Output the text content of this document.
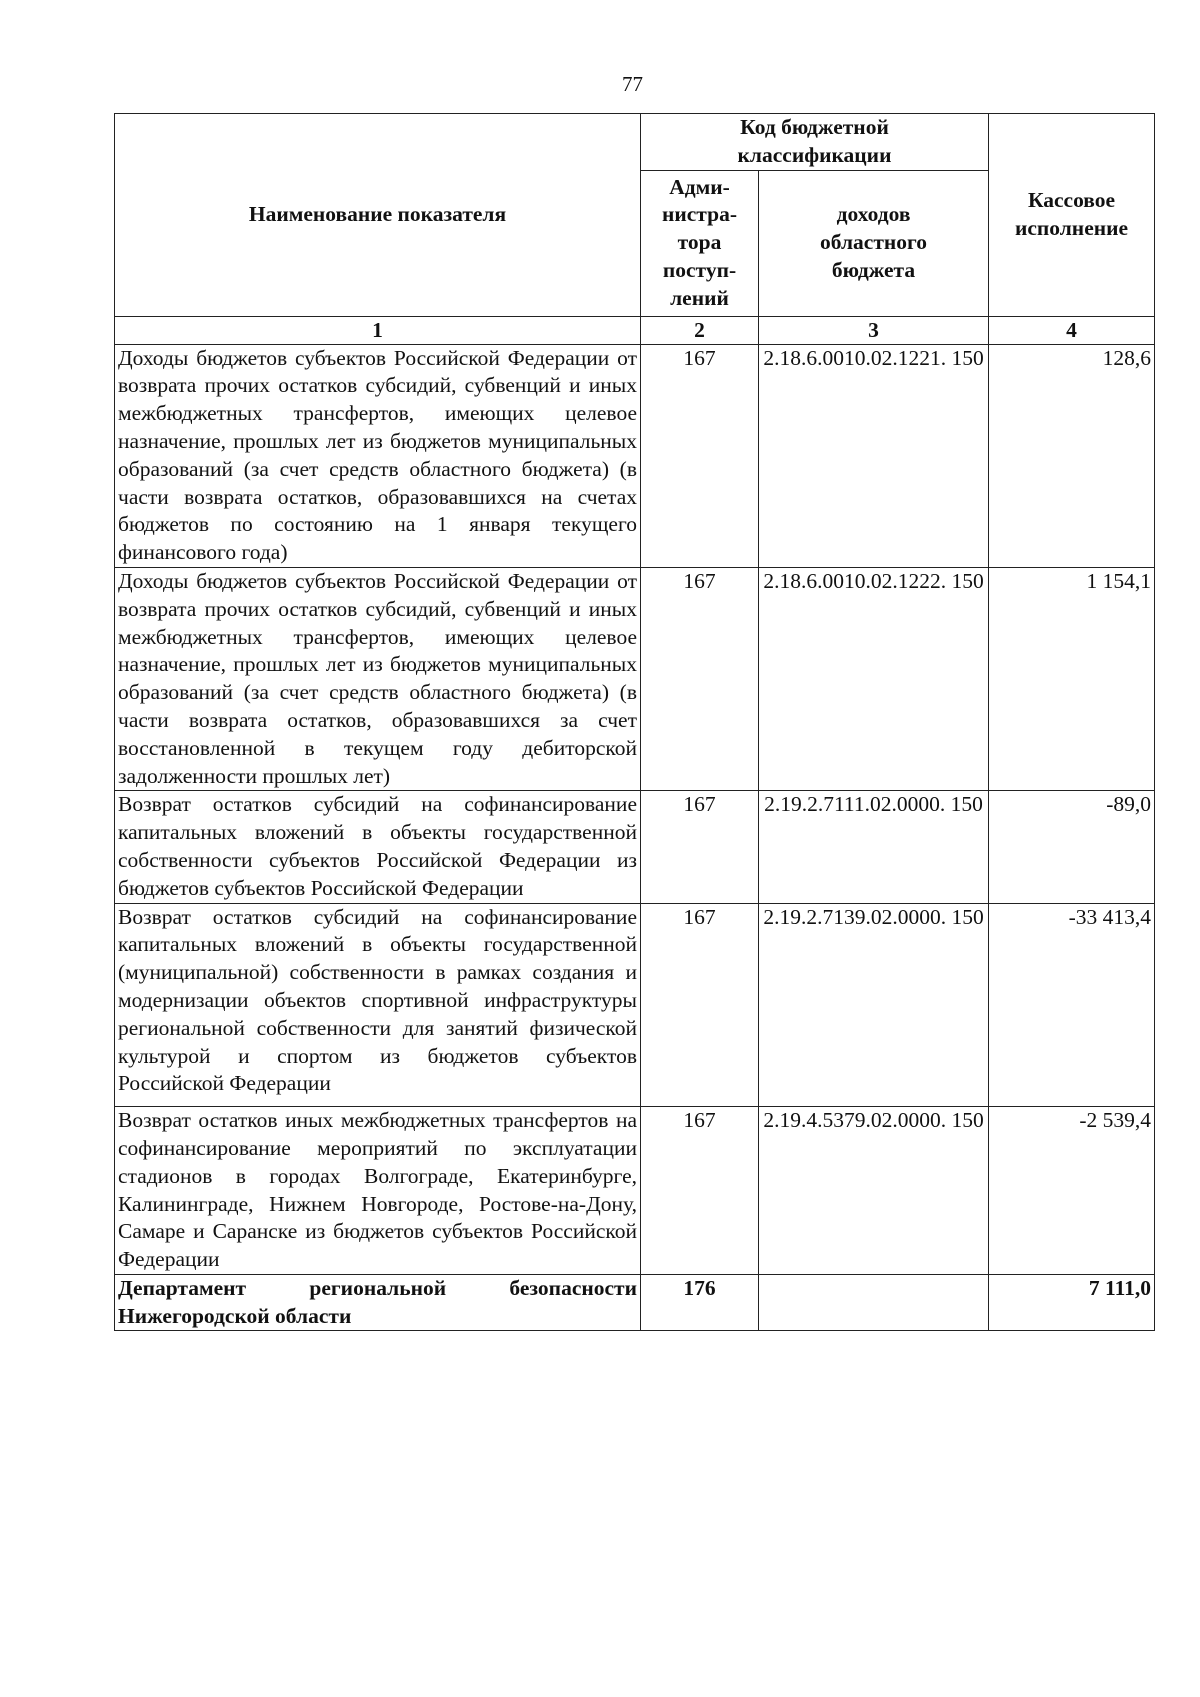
77
Наименование показателя	Код бюджетной классификации		Кассовое исполнение
	Адми-нистра-тора поступ-лений	доходов областного бюджета	
1	2	3	4
Доходы бюджетов субъектов Российской Федерации от возврата прочих остатков субсидий, субвенций и иных межбюджетных трансфертов, имеющих целевое назначение, прошлых лет из бюджетов муниципальных образований (за счет средств областного бюджета) (в части возврата остатков, образовавшихся на счетах бюджетов по состоянию на 1 января текущего финансового года)	167	2.18.6.0010.02.1221. 150	128,6
Доходы бюджетов субъектов Российской Федерации от возврата прочих остатков субсидий, субвенций и иных межбюджетных трансфертов, имеющих целевое назначение, прошлых лет из бюджетов муниципальных образований (за счет средств областного бюджета) (в части возврата остатков, образовавшихся за счет восстановленной в текущем году дебиторской задолженности прошлых лет)	167	2.18.6.0010.02.1222. 150	1 154,1
Возврат остатков субсидий на софинансирование капитальных вложений в объекты государственной собственности субъектов Российской Федерации из бюджетов субъектов Российской Федерации	167	2.19.2.7111.02.0000. 150	-89,0
Возврат остатков субсидий на софинансирование капитальных вложений в объекты государственной (муниципальной) собственности в рамках создания и модернизации объектов спортивной инфраструктуры региональной собственности для занятий физической культурой и спортом из бюджетов субъектов Российской Федерации	167	2.19.2.7139.02.0000. 150	-33 413,4
Возврат остатков иных межбюджетных трансфертов на софинансирование мероприятий по эксплуатации стадионов в городах Волгограде, Екатеринбурге, Калининграде, Нижнем Новгороде, Ростове-на-Дону, Самаре и Саранске из бюджетов субъектов Российской Федерации	167	2.19.4.5379.02.0000. 150	-2 539,4
Департамент региональной безопасности Нижегородской области	176		7 111,0
